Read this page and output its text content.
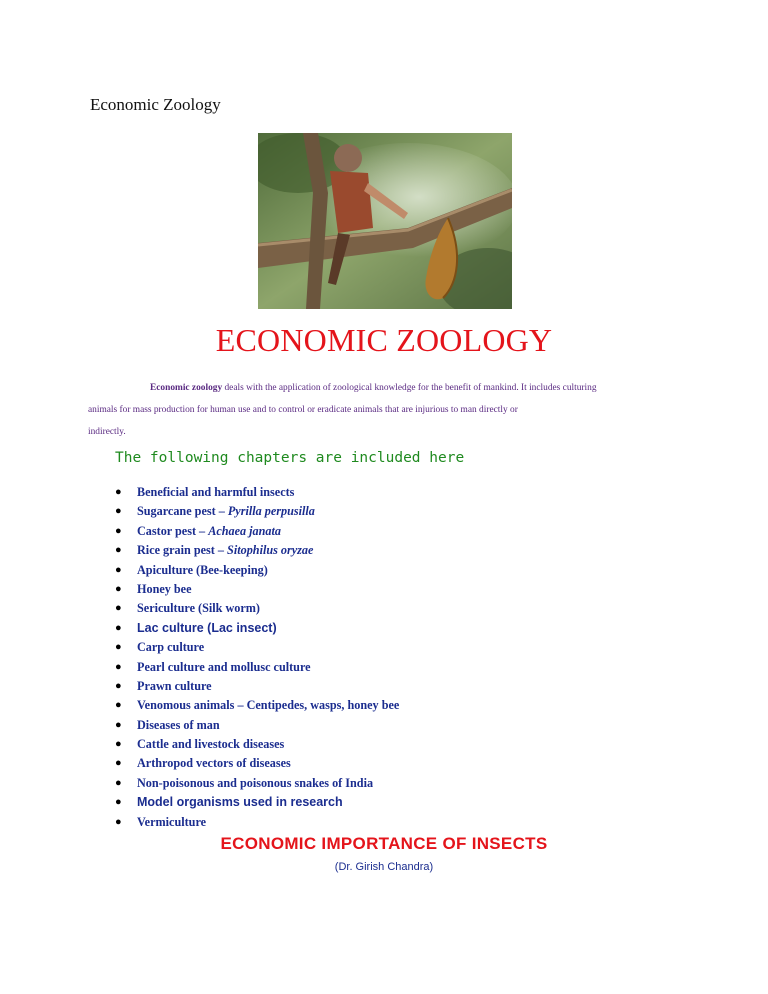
Economic Zoology
ECONOMIC ZOOLOGY
Economic zoology deals with the application of zoological knowledge for the benefit of mankind. It includes culturing
animals for mass production for human use and to control or eradicate animals that are injurious to man directly or
indirectly.
The following chapters are included here
● Beneficial and harmful insects
● Sugarcane pest – Pyrilla perpusilla
● Castor pest – Achaea janata
● Rice grain pest – Sitophilus oryzae
● Apiculture (Bee-keeping)
● Honey bee
● Sericulture (Silk worm)
● Lac culture (Lac insect)
● Carp culture
● Pearl culture and mollusc culture
● Prawn culture
● Venomous animals – Centipedes, wasps, honey bee
● Diseases of man
● Cattle and livestock diseases
● Arthropod vectors of diseases
● Non-poisonous and poisonous snakes of India
● Model organisms used in research
● Vermiculture
ECONOMIC IMPORTANCE OF INSECTS
(Dr. Girish Chandra)
